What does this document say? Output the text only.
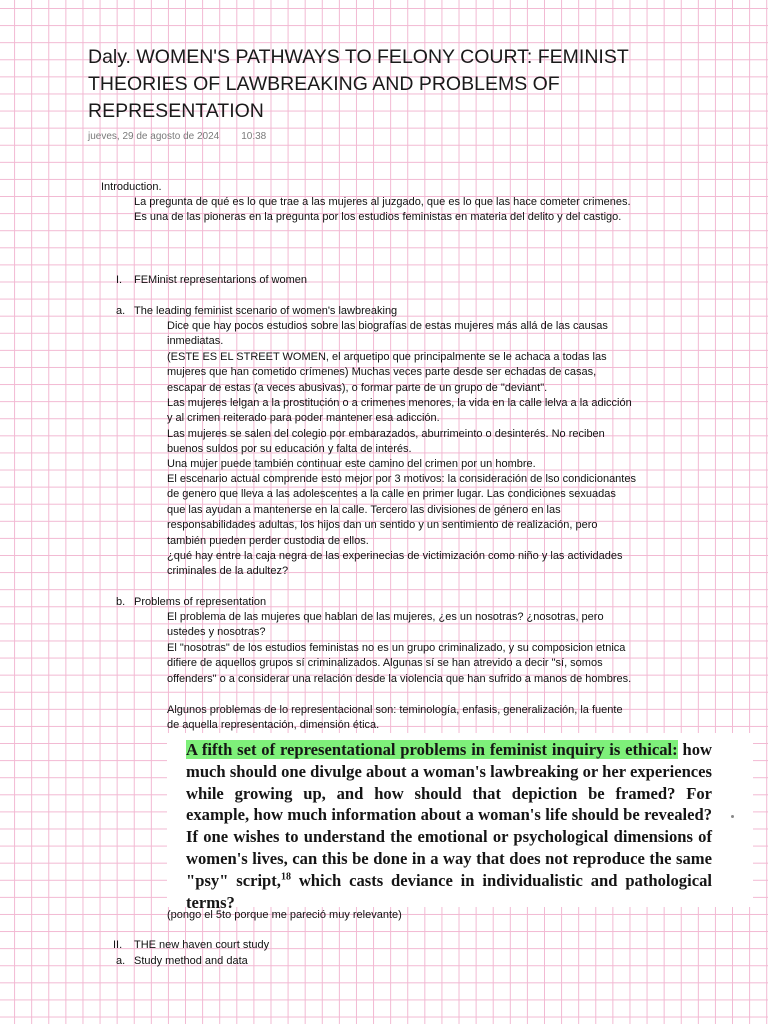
Daly. WOMEN'S PATHWAYS TO FELONY COURT: FEMINIST THEORIES OF LAWBREAKING AND PROBLEMS OF REPRESENTATION
jueves, 29 de agosto de 2024 10:38

Introduction.

La pregunta de qué es lo que trae a las mujeres al juzgado, que es lo que las hace cometer crimenes. Es una de las pioneras en la pregunta por los estudios feministas en materia del delito y del castigo.

I. FEMinist representarions of women

a. The leading feminist scenario of women's lawbreaking

Dice que hay pocos estudios sobre las biografías de estas mujeres más allá de las causas inmediatas.

(ESTE ES EL STREET WOMEN, el arquetipo que principalmente se le achaca a todas las mujeres que han cometido crímenes) Muchas veces parte desde ser echadas de casas, escapar de estas (a veces abusivas), o formar parte de un grupo de "deviant".

Las mujeres lelgan a la prostitución o a crimenes menores, la vida en la calle lelva a la adicción y al crimen reiterado para poder mantener esa adicción.

Las mujeres se salen del colegio por embarazados, aburrimeinto o desinterés. No reciben buenos suldos por su educación y falta de interés.

Una mujer puede también continuar este camino del crimen por un hombre.

El escenario actual comprende esto mejor por 3 motivos: la consideración de lso condicionantes de genero que lleva a las adolescentes a la calle en primer lugar. Las condiciones sexuadas que las ayudan a mantenerse en la calle. Tercero las divisiones de género en las responsabilidades adultas, los hijos dan un sentido y un sentimiento de realización, pero también pueden perder custodia de ellos.

¿qué hay entre la caja negra de las experinecias de victimización como niño y las actividades criminales de la adultez?

b. Problems of representation

El problema de las mujeres que hablan de las mujeres, ¿es un nosotras? ¿nosotras, pero ustedes y nosotras?

El "nosotras" de los estudios feministas no es un grupo criminalizado, y su composicion etnica difiere de aquellos grupos sí criminalizados. Algunas sí se han atrevido a decir "sí, somos offenders" o a considerar una relación desde la violencia que han sufrido a manos de hombres.

Algunos problemas de lo representacional son: teminología, enfasis, generalización, la fuente de aquella representación, dimensión ética.

A fifth set of representational problems in feminist inquiry is ethical: how much should one divulge about a woman's lawbreaking or her experiences while growing up, and how should that depiction be framed? For example, how much information about a woman's life should be revealed? If one wishes to understand the emotional or psychological dimensions of women's lives, can this be done in a way that does not reproduce the same "psy" script,$^{18}$ which casts deviance in individualistic and pathological terms?

(pongo el 5to porque me pareció muy relevante)

II. THE new haven court study

a. Study method and data
